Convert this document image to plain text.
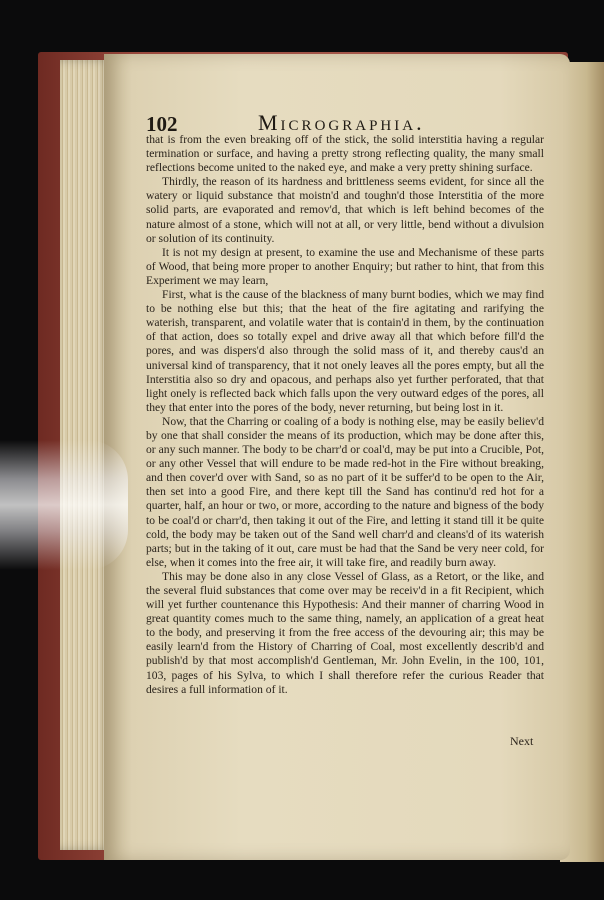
102	Micrographia.

that is from the even breaking off of the stick, the solid interstitia having a regular termination or surface, and having a pretty strong reflecting quality, the many small reflections become united to the naked eye, and make a very pretty shining surface.

Thirdly, the reason of its hardness and brittleness seems evident, for since all the watery or liquid substance that moistn'd and toughn'd those Interstitia of the more solid parts, are evaporated and remov'd, that which is left behind becomes of the nature almost of a stone, which will not at all, or very little, bend without a divulsion or solution of its continuity.

It is not my design at present, to examine the use and Mechanisme of these parts of Wood, that being more proper to another Enquiry; but rather to hint, that from this Experiment we may learn,

First, what is the cause of the blackness of many burnt bodies, which we may find to be nothing else but this; that the heat of the fire agitating and rarifying the waterish, transparent, and volatile water that is contain'd in them, by the continuation of that action, does so totally expel and drive away all that which before fill'd the pores, and was dispers'd also through the solid mass of it, and thereby caus'd an universal kind of transparency, that it not onely leaves all the pores empty, but all the Interstitia also so dry and opacous, and perhaps also yet further perforated, that that light onely is reflected back which falls upon the very outward edges of the pores, all they that enter into the pores of the body, never returning, but being lost in it.

Now, that the Charring or coaling of a body is nothing else, may be easily believ'd by one that shall consider the means of its production, which may be done after this, or any such manner. The body to be charr'd or coal'd, may be put into a Crucible, Pot, or any other Vessel that will endure to be made red-hot in the Fire without breaking, and then cover'd over with Sand, so as no part of it be suffer'd to be open to the Air, then set into a good Fire, and there kept till the Sand has continu'd red hot for a quarter, half, an hour or two, or more, according to the nature and bigness of the body to be coal'd or charr'd, then taking it out of the Fire, and letting it stand till it be quite cold, the body may be taken out of the Sand well charr'd and cleans'd of its waterish parts; but in the taking of it out, care must be had that the Sand be very neer cold, for else, when it comes into the free air, it will take fire, and readily burn away.

This may be done also in any close Vessel of Glass, as a Retort, or the like, and the several fluid substances that come over may be receiv'd in a fit Recipient, which will yet further countenance this Hypothesis: And their manner of charring Wood in great quantity comes much to the same thing, namely, an application of a great heat to the body, and preserving it from the free access of the devouring air; this may be easily learn'd from the History of Charring of Coal, most excellently describ'd and publish'd by that most accomplish'd Gentleman, Mr. John Evelin, in the 100, 101, 103, pages of his Sylva, to which I shall therefore refer the curious Reader that desires a full information of it.

Next
